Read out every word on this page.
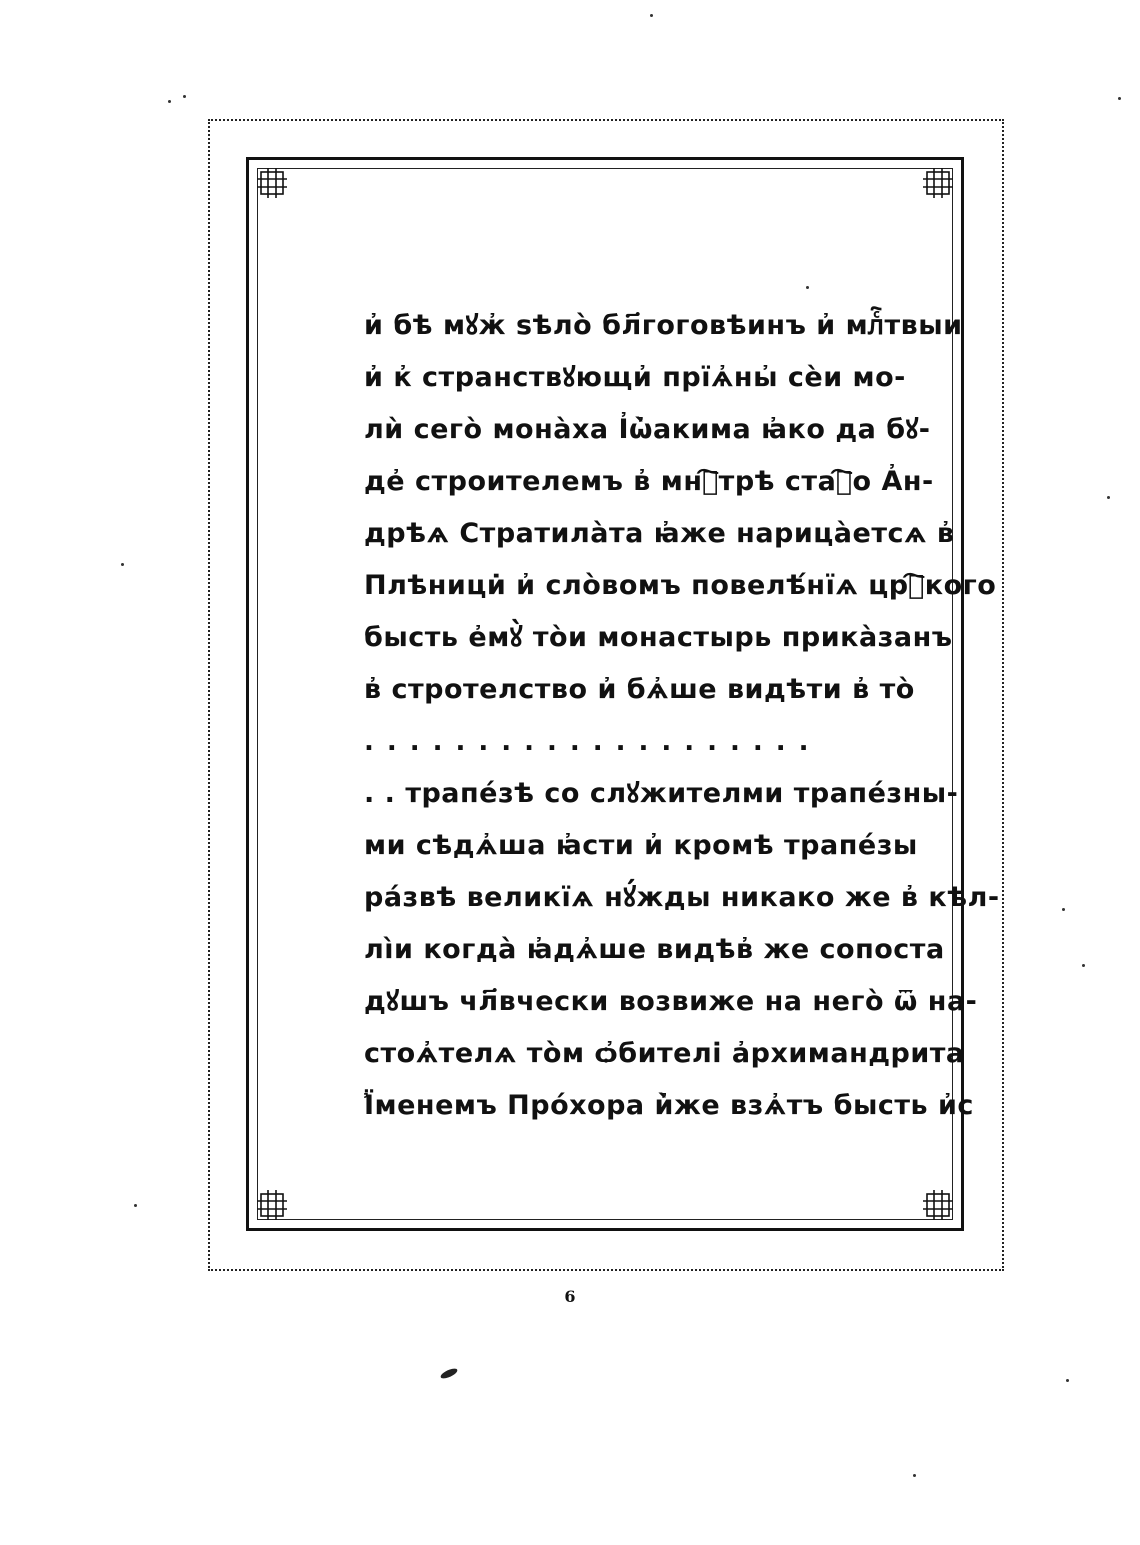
и҆ бѣ мꙋж҆ ѕѣло̀ бл҃гоговѣинъ и҆ млⷭ҇твыи
и҆ к҆ странствꙋющи҆ прїѧ҆ны҆ сѐи мо-
лѝ сего̀ мона̀ха І҆ѡ҆̀акима ꙗ҆ко да бꙋ-
де҆ строителемъ в҆ мнⷭ҇трѣ стаⷢ҇о А҆н-
дрѣѧ Стратила̀та ꙗ҆же нарица̀етсѧ в҆
Плѣници̇ и҆ сло̀вомъ повелѣ́нїѧ црⷭ҇кого
бысть е҆мꙋ̀ то̀и монастырь прика̀занъ
в҆ стротелство и҆ бѧ҆ше видѣти в҆ то̀
....................
. . трапе́зѣ со слꙋжителми трапе́зны-
ми сѣдѧ҆ша ꙗ҆сти и҆ кромѣ трапе́зы
ра́звѣ великїѧ нꙋ́жды никако же в҆ кѣл-
лі̀и когда̀ ꙗ҆дѧ҆ше видѣв҆ же сопоста
дꙋшъ чл҃вчески возвиже на него̀ ѿ на-
стоѧ҆телѧ то̀м ѻ҆бителі а҆рхимандрита
Ї҆менемъ Про́хора и҆̀же взѧ҆тъ бысть и҆с
6
